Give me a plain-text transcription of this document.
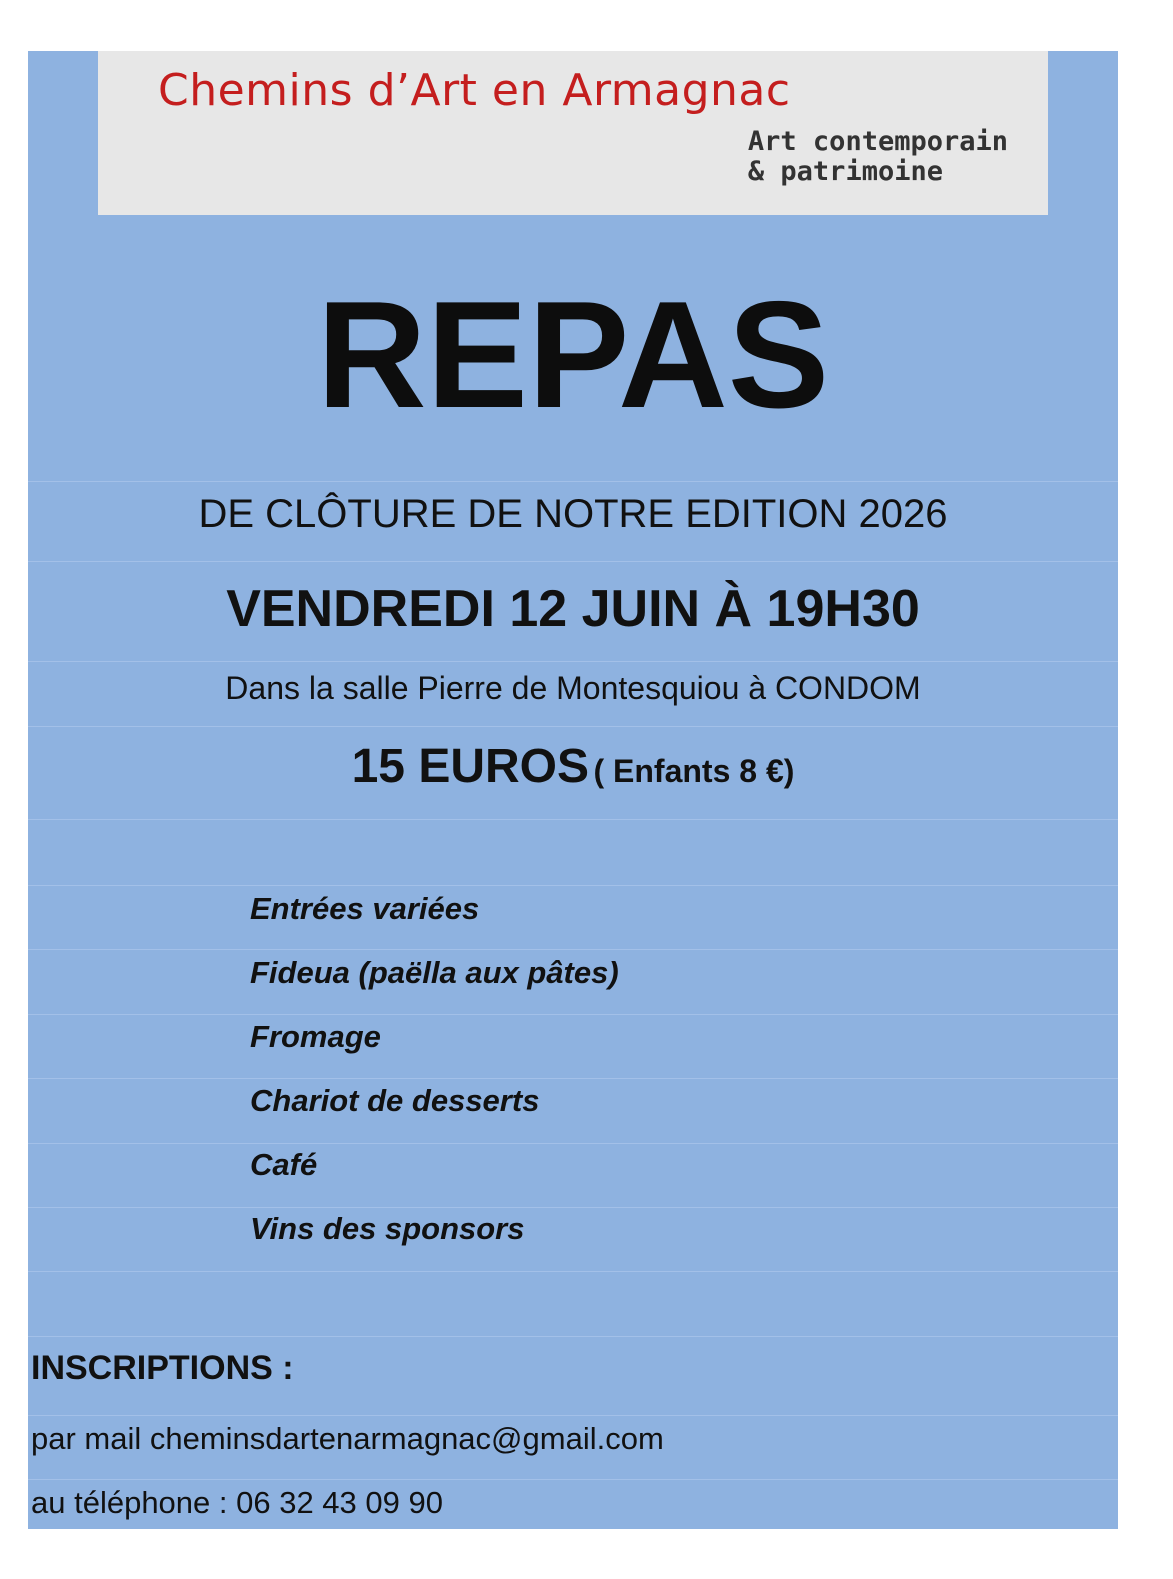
Chemins d’Art en Armagnac
Art contemporain
& patrimoine
REPAS
DE CLÔTURE DE NOTRE EDITION 2026
VENDREDI 12 JUIN À 19H30
Dans la salle Pierre de Montesquiou à CONDOM
15 EUROS ( Enfants 8 €)
Entrées variées
Fideua (paëlla aux pâtes)
Fromage
Chariot de desserts
Café
Vins des sponsors
INSCRIPTIONS :
par mail cheminsdartenarmagnac@gmail.com
au téléphone : 06 32 43 09 90
